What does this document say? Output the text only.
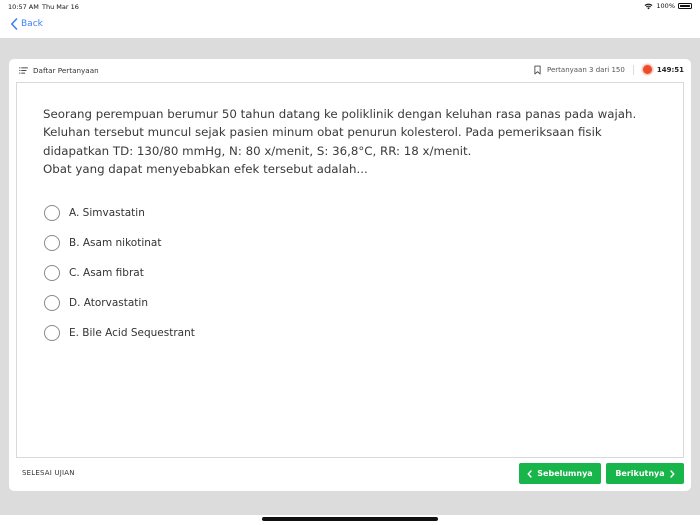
10:57 AM Thu Mar 16	100%
Back
Daftar Pertanyaan	Pertanyaan 3 dari 150	149:51

Seorang perempuan berumur 50 tahun datang ke poliklinik dengan keluhan rasa panas pada wajah.

Keluhan tersebut muncul sejak pasien minum obat penurun kolesterol. Pada pemeriksaan fisik

didapatkan TD: 130/80 mmHg, N: 80 x/menit, S: 36,8°C, RR: 18 x/menit.

Obat yang dapat menyebabkan efek tersebut adalah...

A. Simvastatin
B. Asam nikotinat
C. Asam fibrat
D. Atorvastatin
E. Bile Acid Sequestrant
SELESAI UJIAN	Sebelumnya	Berikutnya
